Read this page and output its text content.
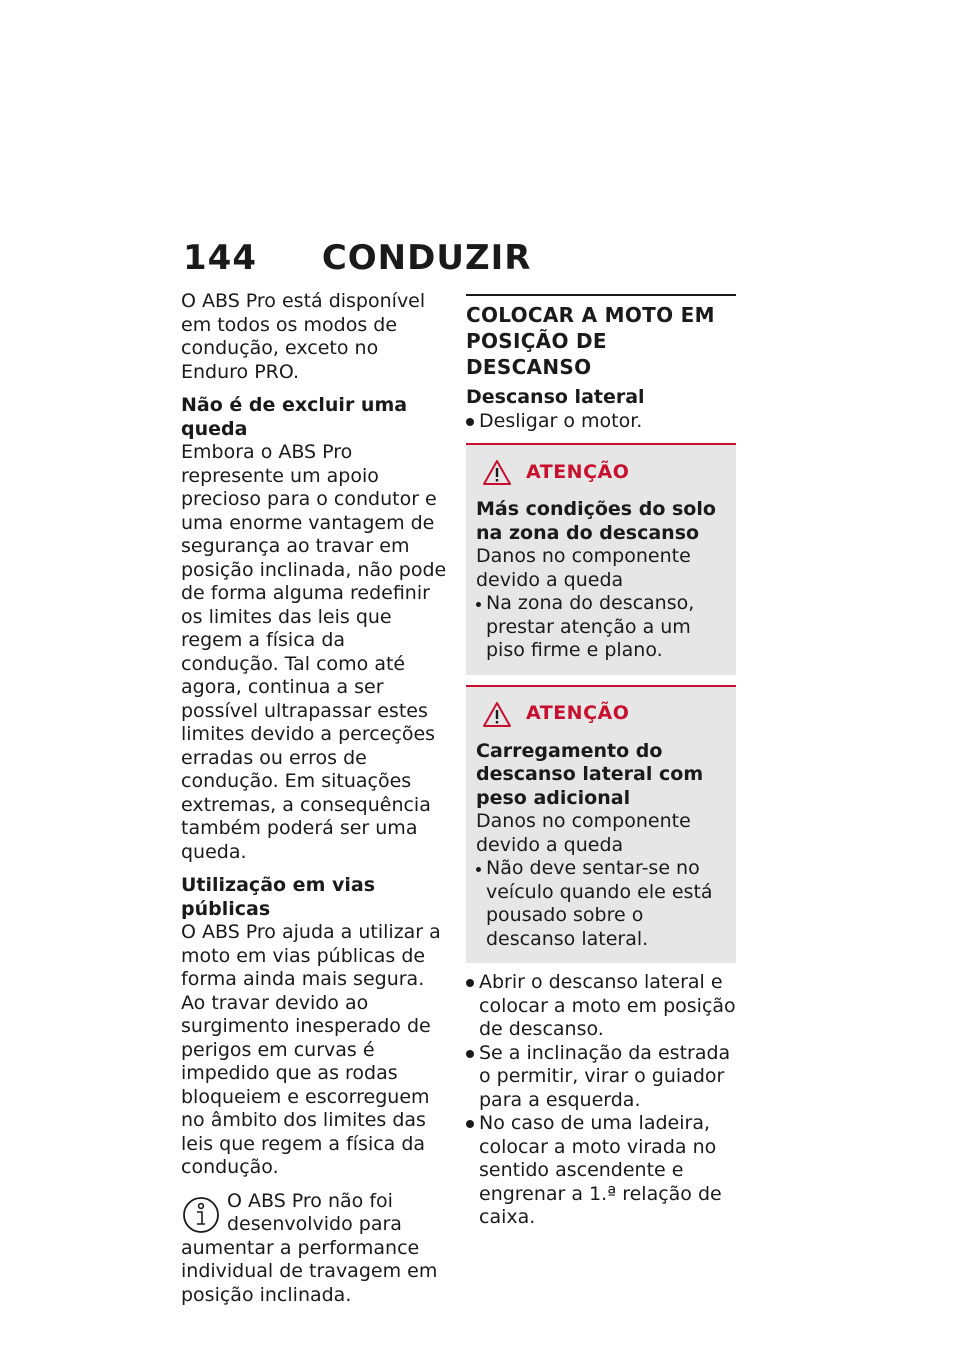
144 CONDUZIR

O ABS Pro está disponível em todos os modos de condução, exceto no Enduro PRO.

Não é de excluir uma queda

Embora o ABS Pro represente um apoio precioso para o condutor e uma enorme vantagem de segurança ao travar em posição inclinada, não pode de forma alguma redefinir os limites das leis que regem a física da condução. Tal como até agora, continua a ser possível ultrapassar estes limites devido a perceções erradas ou erros de condução. Em situações extremas, a consequência também poderá ser uma queda.

Utilização em vias públicas

O ABS Pro ajuda a utilizar a moto em vias públicas de forma ainda mais segura. Ao travar devido ao surgimento inesperado de perigos em curvas é impedido que as rodas bloqueiem e escorreguem no âmbito dos limites das leis que regem a física da condução.

O ABS Pro não foi desenvolvido para aumentar a performance individual de travagem em posição inclinada.

COLOCAR A MOTO EM POSIÇÃO DE DESCANSO

Descanso lateral

Desligar o motor.
ATENÇÃO
Más condições do solo na zona do descanso
Danos no componente devido a queda
Na zona do descanso, prestar atenção a um piso firme e plano.
ATENÇÃO
Carregamento do descanso lateral com peso adicional
Danos no componente devido a queda
Não deve sentar-se no veículo quando ele está pousado sobre o descanso lateral.
Abrir o descanso lateral e colocar a moto em posição de descanso.
Se a inclinação da estrada o permitir, virar o guiador para a esquerda.
No caso de uma ladeira, colocar a moto virada no sentido ascendente e engrenar a 1.ª relação de caixa.
